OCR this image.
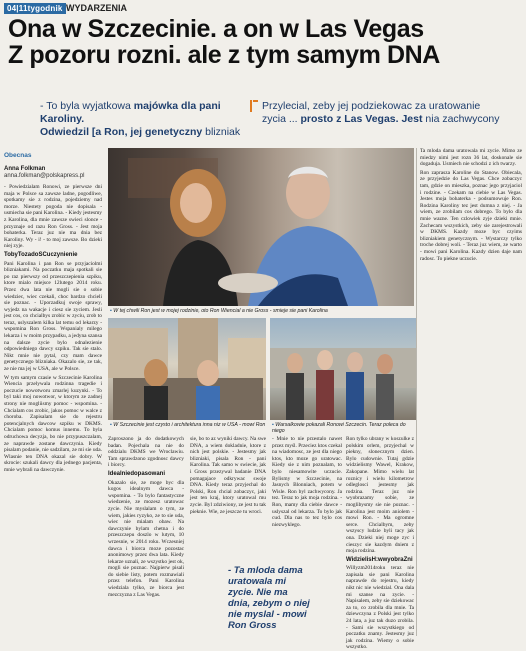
04|11tygodnik WYDARZENIA
Ona w Szczecinie. a on w Las Vegas
Z pozoru rozni. ale z tym samym DNA
- To byla wyjatkowa majówka dla pani Karoliny.
Odwiedzil [a Ron, jej genetyczny blizniak
Przylecial, zeby jej podziekowac za uratowanie
zycia ... prosto z Las Vegas. Jest nia zachwycony
Obecnas
Anna Folkman
anna.folkman@polskapress.pl
- Powiedzialam Ronowi, ze pierwsze dni maja w Polsce sa zawsze ladne, pogodliwe, spotkamy sie z rodzina, pojedziemy nad morze. Niestety pogoda nie dopisala - usmiecha sie pani Karolina. - Kiedy jestesmy z Karolina, dla mnie zawsze swieci slonce - przyznaje od razu Ron Gross. - Jest moja bohaterka. Teraz juz nie ma dnia bez Karoliny. Wy - i! - to moj zawsze. Bo dzieki niej zyje.
TobyTozadoSCuczynienie
Pani Karolina i pan Ron se przyjaciolmi blizniakami. Na poczatku maja spotkali sie po raz pierwszy od przeszczepienia szpiku, ktore mialo miejsce 12lutego 2014 roku. Przez dwa lata nie mogli sie o sobie wiedziec, wiec czekali, choc bardzo chcieli sie poznac. - Uporzadkuj swoje sprawy, wyjedz na wakacje i ciesz sie zyciem. Jesli jest cos, co chcialbys zrobic w zyciu, zrob to teraz, uslyszalem kilka lat temu od lekarzy - wspomina Ron Gross. Wspanialy milego lekarza i w moim przypadku, a jedyna szansa na dalsze zycie bylo odnalezienie odpowiedniego dawcy szpiku. Tak sie stalo. Nikt mnie nie pytal, czy mam dawce genetycznego blizniaka. Okazalo sie, ze tak, ze nie ma jej w USA, ale w Polsce.
W tym samym czasie w Szczecinie Karolina Wiencia przelywala rodzinna tragedie i poczucie nowotworu zmarlej kuzynki. - To byl taki moj nowotwor, w ktorym ze zadnej strony nie mogliismy pomoc - wspomina. - Chcialam cos zrobic, jakos pomoc w walce z choroba. Zapisalam sie do rejestru potencjalnych dawcow szpiku w DKMS. Chcialam pomoc komus innemu. To byla odruchowa decyzja, bo nie przypuszczalam, ze naprawde zostane dawczynia. Kiedy pisalam podanie, nie sadzilam, ze mi sie uda. Wlasnie ten DNA okazal sie dobry. W skrocie: szukali dawcy dla jednego pacjenta, mnie wybrali na dawczynie.
▪ W tej chwili Ron jest w mojej rodzinie, oto Ron Wiencial a nie Gross - smieje sie pani Karolina
Ta mloda dama uratowala mi zycie. Mimo ze miedzy nimi jest rozn 36 lat, doskonale sie dogaduja. Usmiech nie schodzi z ich twarzy.
Ron zaprasza Karoline do Stanow. Obiecala, ze przyjedzie do Las Vegas. Chce zobaczyc tam, gdzie on mieszka, poznac jego przyjaciol i rodzine. - Czekam na ciebie w Las Vegas. Jestes moja bohaterka - podsumowuje Ron. Rodzina Karoliny tez jest dumna z niej. - Ja wiem, ze zrobilam cos dobrego. To bylo dla mnie wazne. Ten czlowiek zyje dzieki mnie. Zachecam wszystkich, zeby sie zarejestrowali w DKMS. Kazdy moze byc czyims blizniakiem genetycznym. - Wystarczy tylko troche dobrej woli. - Teraz juz wiem, ze warto - mowi pani Karolina. Kazdy dzien daje nam radosc. To piekne uczucie.
▪ W Szczecinie jest czysto i architektura inna niz w USA - mowi Ron	▪ Warsalkowie pokazali Ronowi Szczecin. Teraz poleca do niego
Zaproszono ja do dodatkowych badan. Pojechala na nie do oddzialu DKMS we Wroclawiu. Tam sprawdzono zgodnosc dawcy i biorcy.
Idealniedopasowani
Okazalo sie, ze moge byc dla kogos idealnym dawca - wspomina. - To bylo fantastyczne wiedzenie, ze mozesz uratowac zycie. Nie myslalam o tym, ze wiem, jakies ryzyko, ze to sie uda, wiec nie mialam obaw. Na dawczynie bylam chetna i do przeszczepu doszlo w lutym, 10 wrzesnie, w 2014 roku. Wczesniej dawca i biorca moze pozostac anonimowy przez dwa lata. Kiedy lekarze uznali, ze wszystko jest ok, mogli sie poznac. Najpierw pisali do siebie listy, potem rozmawiali przez telefon. Pani Karolina wiedziala tylko, ze biorca jest mezczyzna z Las Vegas.
sie, bo to az wyniki dawcy. Na swe DNA, a wiem dokladnie, ktore z nich jest polskie. - Jestesmy jak blizniaki, pisala Ron - pani Karolina. Tak samo w swiecie, jak i Gross przezywal badanie DNA pomagajace odkrywac swoje DNA. Kiedy teraz przyjechal do Polski, Ron chcial zobaczyc, jaki jest ten kraj, ktory uratowal mu zycie. Byl zdziwiony, ze jest tu tak pieknie. Wie, ze jeszcze tu wroci.
- Ta mloda dama uratowala mi zycie. Nie ma dnia, zebym o niej nie myslal - mowi Ron Gross
- Mnie to nie przestalo nawet przez myśl. Przeciez ktos czekal na wiadomosc, ze jest dla niego ktos, kto moze go uratowac. Kiedy sie z nim poznalam, to bylo niesamowite uczucie. Bylismy w Szczecinie, na Jasnych Blonniach, potem w Wisle. Ron byl zachwycony. Ja tez. Teraz to jak moja rodzina. - Ron, mamy dla ciebie dawce - uslyszal od lekarza. To bylo jak cud. Dla nas to tez bylo cos niezwyklego.
Ron tylko ubrany w koszulke z polskim orlem, przyjechal w piekny, slonecznym dzien. Bylo cudownie. Tutaj gdzie widzielismy Wawel, Krakow, Zakopane. Mimo wielu lat roznicy i wielu kilometrow odleglosci jestesmy jak rodzina. Teraz juz nie wyobrazamy sobie, ze moglibysmy sie nie poznac. - Karolina jest moim aniolem - mowi Ron. - Ma ogromne serce. Chcialbym, zeby wszyscy ludzie byli tacy jak ona. Dzieki niej moge zyc i cieszyc sie kazdym dniem z moja rodzina.
WidzielisH:wwyobraZni
Willyzm2014roku teraz nie zapisala sie pani Karolina naprawde do rejestru, kiedy nikt nic nie wiedzial. Ona dala mi szanse na zycie. - Napisalem, zeby sie dziekowac za to, co zrobila dla mnie. Ta dziewczyna z Polski jest tylko 24 lata, a juz tak duzo zrobila. - Sami sie wszystkiego od poczatku znamy. Jestesmy juz jak rodzina. Wiemy o sobie wszystko.
